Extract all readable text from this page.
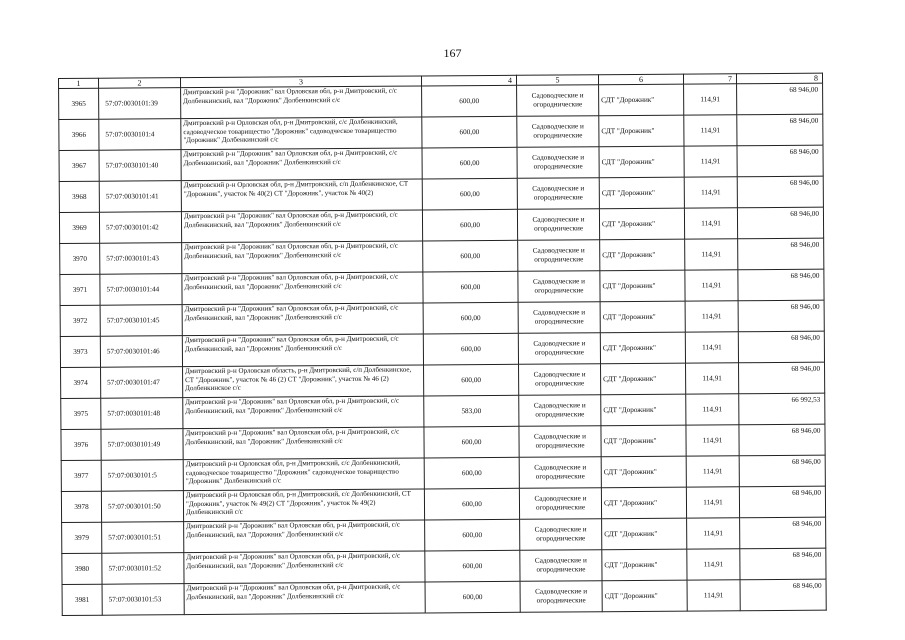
167
1	2	3	4	5	6	7	8
3965	57:07:0030101:39	Дмитровский р-н "Дорожник" вал Орловская обл, р-н Дмитровский, с/с Долбенкинский, вал "Дорожник" Долбенкинский с/с	600,00	Садоводческие и огороднические	СДТ "Дорожник"	114,91	68 946,00
3966	57:07:0030101:4	Дмитровский р-н Орловская обл, р-н Дмитровский, с/с Долбенкинский, садоводческое товарищество "Дорожник" садоводческое товарищество "Дорожник" Долбенкинский с/с	600,00	Садоводческие и огороднические	СДТ "Дорожник"	114,91	68 946,00
3967	57:07:0030101:40	Дмитровский р-н "Дорожник" вал Орловская обл, р-н Дмитровский, с/с Долбенкинский, вал "Дорожник" Долбенкинский с/с	600,00	Садоводческие и огороднические	СДТ "Дорожник"	114,91	68 946,00
3968	57:07:0030101:41	Дмитровский р-н Орловская обл, р-н Дмитровский, с/п Долбенкинское, СТ "Дорожник", участок № 40(2) СТ "Дорожник", участок № 40(2)	600,00	Садоводческие и огороднические	СДТ "Дорожник"	114,91	68 946,00
3969	57:07:0030101:42	Дмитровский р-н "Дорожник" вал Орловская обл, р-н Дмитровский, с/с Долбенкинский, вал "Дорожник" Долбенкинский с/с	600,00	Садоводческие и огороднические	СДТ "Дорожник"	114,91	68 946,00
3970	57:07:0030101:43	Дмитровский р-н "Дорожник" вал Орловская обл, р-н Дмитровский, с/с Долбенкинский, вал "Дорожник" Долбенкинский с/с	600,00	Садоводческие и огороднические	СДТ "Дорожник"	114,91	68 946,00
3971	57:07:0030101:44	Дмитровский р-н "Дорожник" вал Орловская обл, р-н Дмитровский, с/с Долбенкинский, вал "Дорожник" Долбенкинский с/с	600,00	Садоводческие и огороднические	СДТ "Дорожник"	114,91	68 946,00
3972	57:07:0030101:45	Дмитровский р-н "Дорожник" вал Орловская обл, р-н Дмитровский, с/с Долбенкинский, вал "Дорожник" Долбенкинский с/с	600,00	Садоводческие и огороднические	СДТ "Дорожник"	114,91	68 946,00
3973	57:07:0030101:46	Дмитровский р-н "Дорожник" вал Орловская обл, р-н Дмитровский, с/с Долбенкинский, вал "Дорожник" Долбенкинский с/с	600,00	Садоводческие и огороднические	СДТ "Дорожник"	114,91	68 946,00
3974	57:07:0030101:47	Дмитровский р-н Орловская область, р-н Дмитровский, с/п Долбенкинское, СТ "Дорожник", участок № 46 (2) СТ "Дорожник", участок № 46 (2) Долбенкинское с/с	600,00	Садоводческие и огороднические	СДТ "Дорожник"	114,91	68 946,00
3975	57:07:0030101:48	Дмитровский р-н "Дорожник" вал Орловская обл, р-н Дмитровский, с/с Долбенкинский, вал "Дорожник" Долбенкинский с/с	583,00	Садоводческие и огороднические	СДТ "Дорожник"	114,91	66 992,53
3976	57:07:0030101:49	Дмитровский р-н "Дорожник" вал Орловская обл, р-н Дмитровский, с/с Долбенкинский, вал "Дорожник" Долбенкинский с/с	600,00	Садоводческие и огороднические	СДТ "Дорожник"	114,91	68 946,00
3977	57:07:0030101:5	Дмитровский р-н Орловская обл, р-н Дмитровский, с/с Долбенкинский, садоводческое товарищество "Дорожник" садоводческое товарищество "Дорожник" Долбенкинский с/с	600,00	Садоводческие и огороднические	СДТ "Дорожник"	114,91	68 946,00
3978	57:07:0030101:50	Дмитровский р-н Орловская обл, р-н Дмитровский, с/с Долбенкинский, СТ "Дорожник", участок № 49(2) СТ "Дорожник", участок № 49(2) Долбенкинский с/с	600,00	Садоводческие и огороднические	СДТ "Дорожник"	114,91	68 946,00
3979	57:07:0030101:51	Дмитровский р-н "Дорожник" вал Орловская обл, р-н Дмитровский, с/с Долбенкинский, вал "Дорожник" Долбенкинский с/с	600,00	Садоводческие и огороднические	СДТ "Дорожник"	114,91	68 946,00
3980	57:07:0030101:52	Дмитровский р-н "Дорожник" вал Орловская обл, р-н Дмитровский, с/с Долбенкинский, вал "Дорожник" Долбенкинский с/с	600,00	Садоводческие и огороднические	СДТ "Дорожник"	114,91	68 946,00
3981	57:07:0030101:53	Дмитровский р-н "Дорожник" вал Орловская обл, р-н Дмитровский, с/с Долбенкинский, вал "Дорожник" Долбенкинский с/с	600,00	Садоводческие и огороднические	СДТ "Дорожник"	114,91	68 946,00
